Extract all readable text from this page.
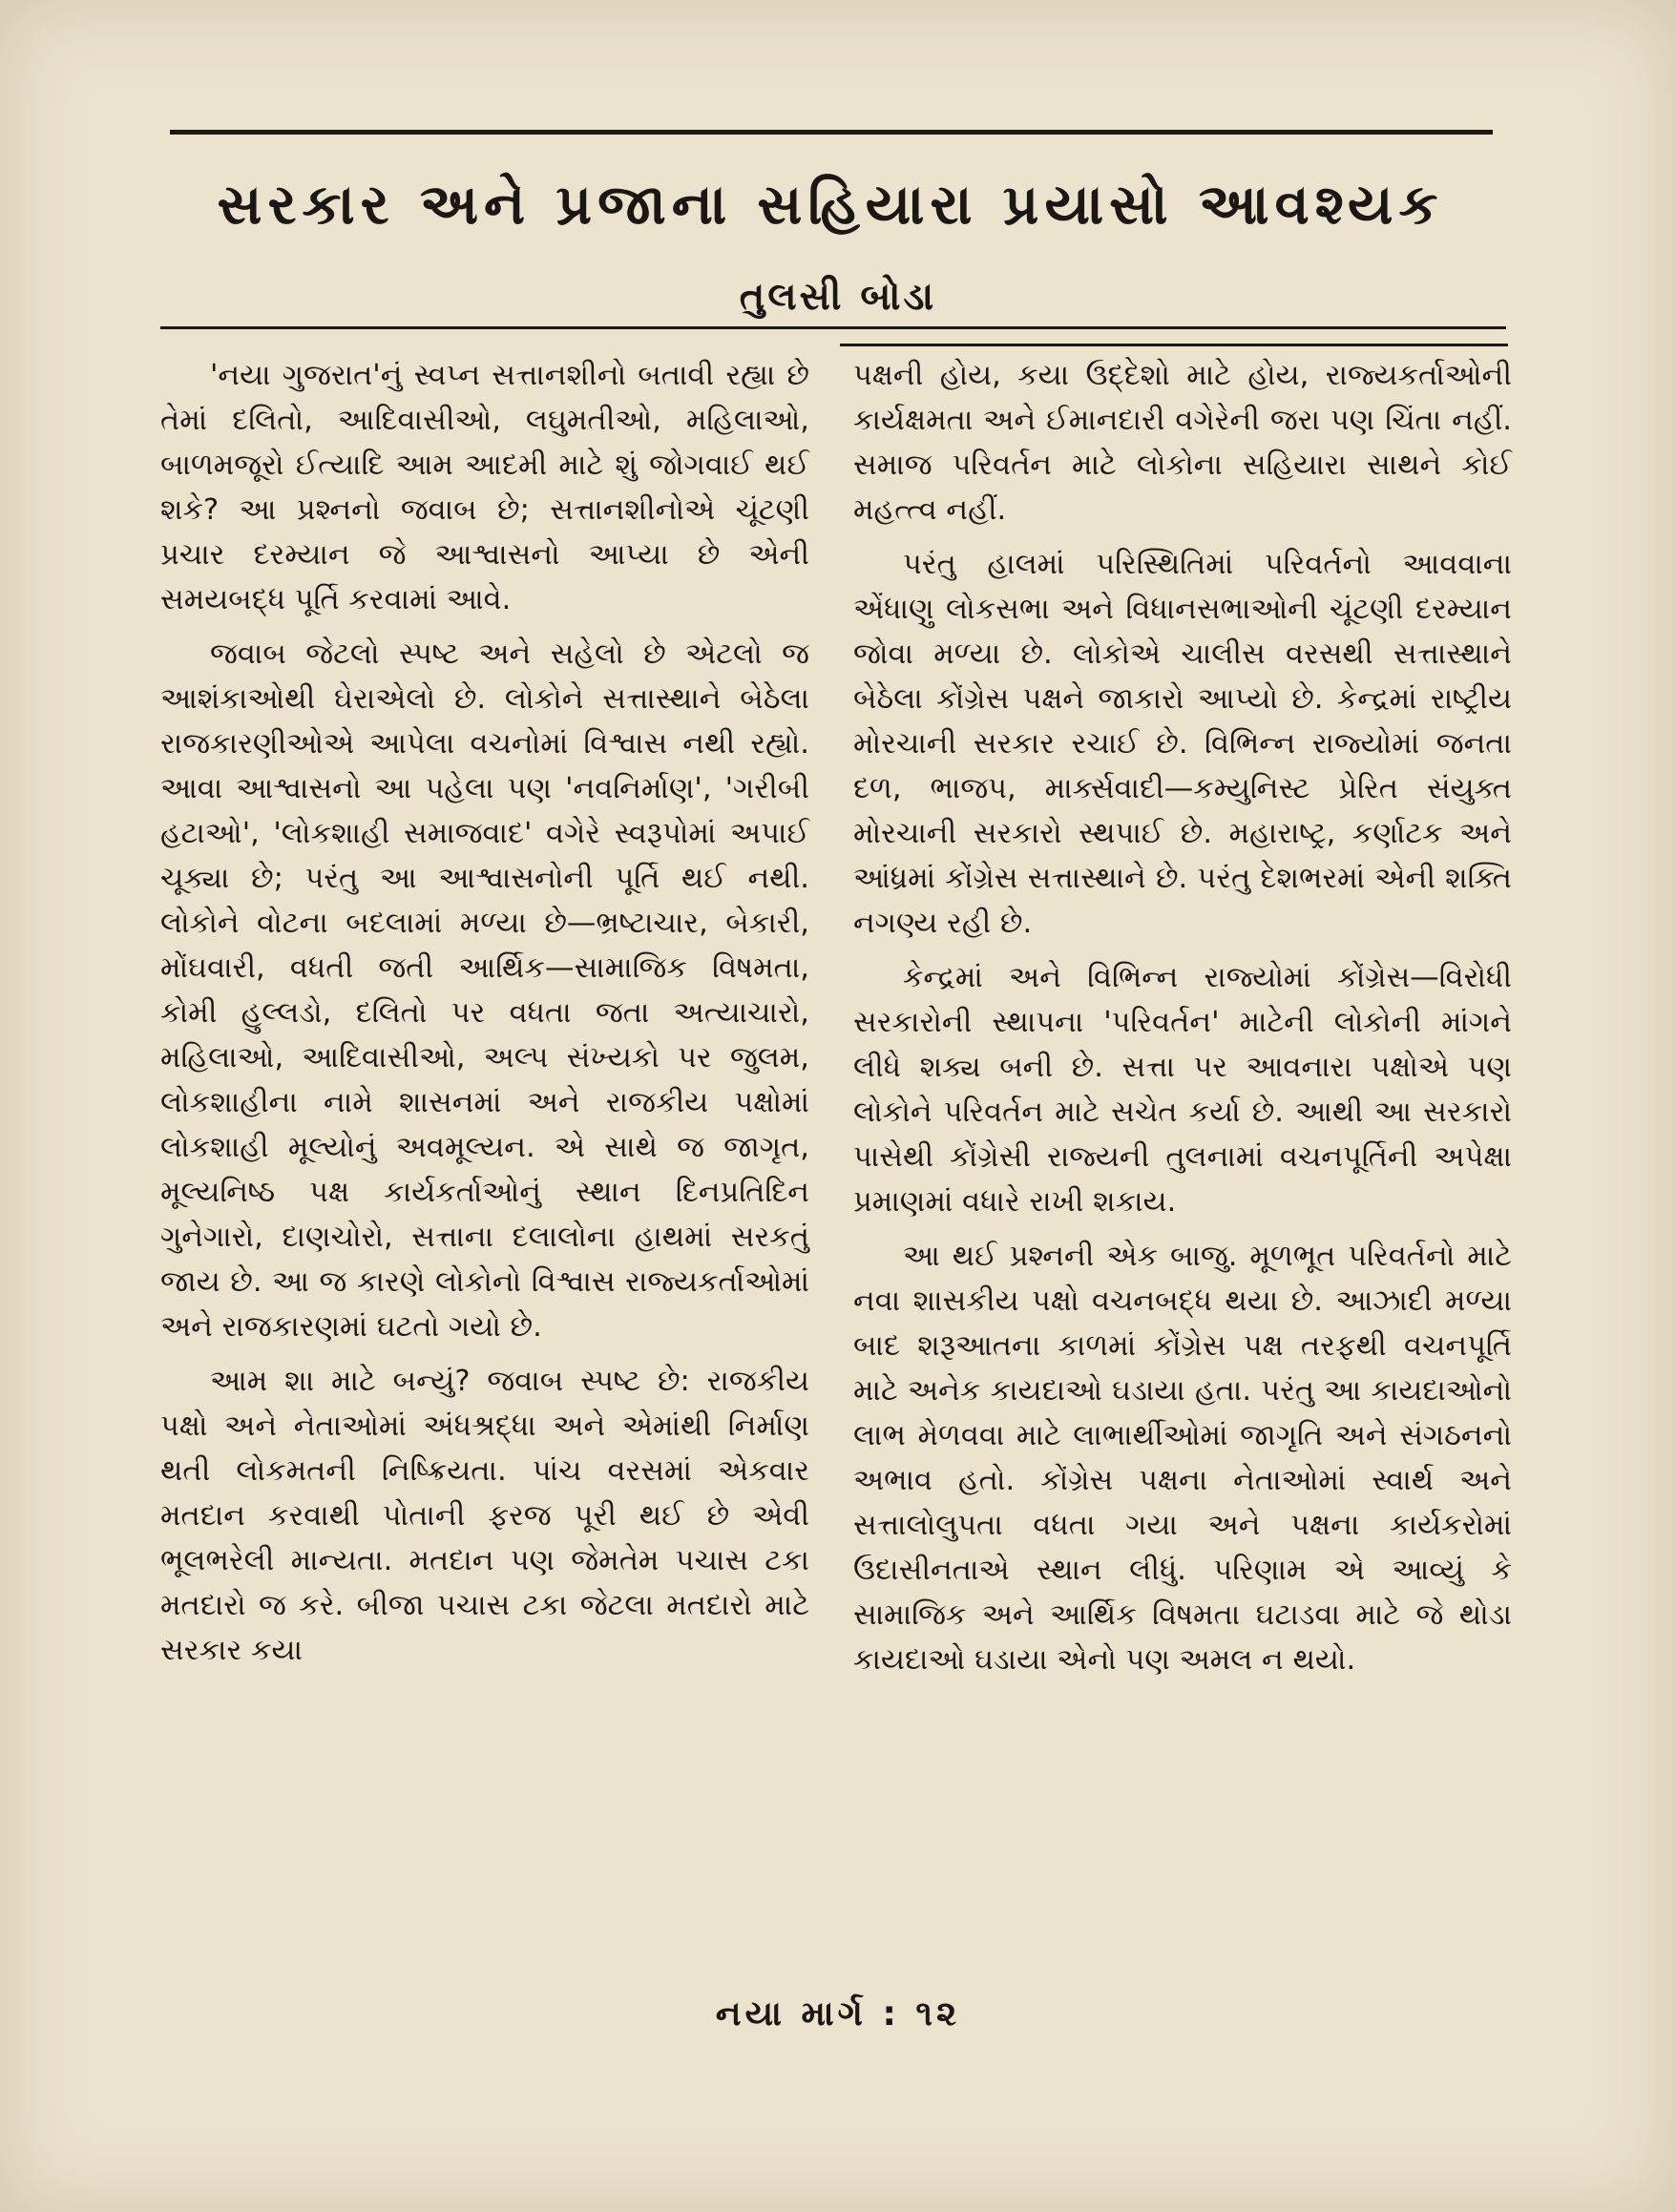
સરકાર અને પ્રજાના સહિયારા પ્રયાસો આવશ્યક
તુલસી બોડા

'નયા ગુજરાત'નું સ્વપ્ન સત્તાનશીનો બતાવી રહ્યા છે તેમાં દલિતો, આદિવાસીઓ, લઘુમતીઓ, મહિલાઓ, બાળમજૂરો ઈત્યાદિ આમ આદમી માટે શું જોગવાઈ થઈ શકે? આ પ્રશ્નનો જવાબ છે; સત્તાનશીનોએ ચૂંટણી પ્રચાર દરમ્યાન જે આશ્વાસનો આપ્યા છે એની સમયબદ્ધ પૂર્તિ કરવામાં આવે.

જવાબ જેટલો સ્પષ્ટ અને સહેલો છે એટલો જ આશંકાઓથી ઘેરાએલો છે. લોકોને સત્તાસ્થાને બેઠેલા રાજકારણીઓએ આપેલા વચનોમાં વિશ્વાસ નથી રહ્યો. આવા આશ્વાસનો આ પહેલા પણ 'નવનિર્માણ', 'ગરીબી હટાઓ', 'લોકશાહી સમાજવાદ' વગેરે સ્વરૂપોમાં અપાઈ ચૂક્યા છે; પરંતુ આ આશ્વાસનોની પૂર્તિ થઈ નથી. લોકોને વોટના બદલામાં મળ્યા છે—ભ્રષ્ટાચાર, બેકારી, મોંઘવારી, વધતી જતી આર્થિક—સામાજિક વિષમતા, કોમી હુલ્લડો, દલિતો પર વધતા જતા અત્યાચારો, મહિલાઓ, આદિવાસીઓ, અલ્પ સંખ્યકો પર જુલમ, લોકશાહીના નામે શાસનમાં અને રાજકીય પક્ષોમાં લોકશાહી મૂલ્યોનું અવમૂલ્યન. એ સાથે જ જાગૃત, મૂલ્યનિષ્ઠ પક્ષ કાર્યકર્તાઓનું સ્થાન દિનપ્રતિદિન ગુનેગારો, દાણચોરો, સત્તાના દલાલોના હાથમાં સરકતું જાય છે. આ જ કારણે લોકોનો વિશ્વાસ રાજ્યકર્તાઓમાં અને રાજકારણમાં ઘટતો ગયો છે.

આમ શા માટે બન્યું? જવાબ સ્પષ્ટ છે: રાજકીય પક્ષો અને નેતાઓમાં અંધશ્રદ્ધા અને એમાંથી નિર્માણ થતી લોકમતની નિષ્ક્રિયતા. પાંચ વરસમાં એકવાર મતદાન કરવાથી પોતાની ફરજ પૂરી થઈ છે એવી ભૂલભરેલી માન્યતા. મતદાન પણ જેમતેમ પચાસ ટકા મતદારો જ કરે. બીજા પચાસ ટકા જેટલા મતદારો માટે સરકાર કયા

પક્ષની હોય, કયા ઉદ્દેશો માટે હોય, રાજ્યકર્તાઓની કાર્યક્ષમતા અને ઈમાનદારી વગેરેની જરા પણ ચિંતા નહીં. સમાજ પરિવર્તન માટે લોકોના સહિયારા સાથને કોઈ મહત્ત્વ નહીં.

પરંતુ હાલમાં પરિસ્થિતિમાં પરિવર્તનો આવવાના એંધાણુ લોકસભા અને વિધાનસભાઓની ચૂંટણી દરમ્યાન જોવા મળ્યા છે. લોકોએ ચાલીસ વરસથી સત્તાસ્થાને બેઠેલા કોંગ્રેસ પક્ષને જાકારો આપ્યો છે. કેન્દ્રમાં રાષ્ટ્રીય મોરચાની સરકાર રચાઈ છે. વિભિન્ન રાજ્યોમાં જનતા દળ, ભાજપ, માર્ક્સવાદી—કમ્યુનિસ્ટ પ્રેરિત સંયુક્ત મોરચાની સરકારો સ્થપાઈ છે. મહારાષ્ટ્ર, કર્ણાટક અને આંધ્રમાં કોંગ્રેસ સત્તાસ્થાને છે. પરંતુ દેશભરમાં એની શક્તિ નગણ્ય રહી છે.

કેન્દ્રમાં અને વિભિન્ન રાજ્યોમાં કોંગ્રેસ—વિરોધી સરકારોની સ્થાપના 'પરિવર્તન' માટેની લોકોની માંગને લીધે શક્ય બની છે. સત્તા પર આવનારા પક્ષોએ પણ લોકોને પરિવર્તન માટે સચેત કર્યા છે. આથી આ સરકારો પાસેથી કોંગ્રેસી રાજ્યની તુલનામાં વચનપૂર્તિની અપેક્ષા પ્રમાણમાં વધારે રાખી શકાય.

આ થઈ પ્રશ્નની એક બાજુ. મૂળભૂત પરિવર્તનો માટે નવા શાસકીય પક્ષો વચનબદ્ધ થયા છે. આઝાદી મળ્યા બાદ શરૂઆતના કાળમાં કોંગ્રેસ પક્ષ તરફથી વચનપૂર્તિ માટે અનેક કાયદાઓ ઘડાયા હતા. પરંતુ આ કાયદાઓનો લાભ મેળવવા માટે લાભાર્થીઓમાં જાગૃતિ અને સંગઠનનો અભાવ હતો. કોંગ્રેસ પક્ષના નેતાઓમાં સ્વાર્થ અને સત્તાલોલુપતા વધતા ગયા અને પક્ષના કાર્યકરોમાં ઉદાસીનતાએ સ્થાન લીધું. પરિણામ એ આવ્યું કે સામાજિક અને આર્થિક વિષમતા ઘટાડવા માટે જે થોડા કાયદાઓ ઘડાયા એનો પણ અમલ ન થયો.

નયા માર્ગ : ૧૨
